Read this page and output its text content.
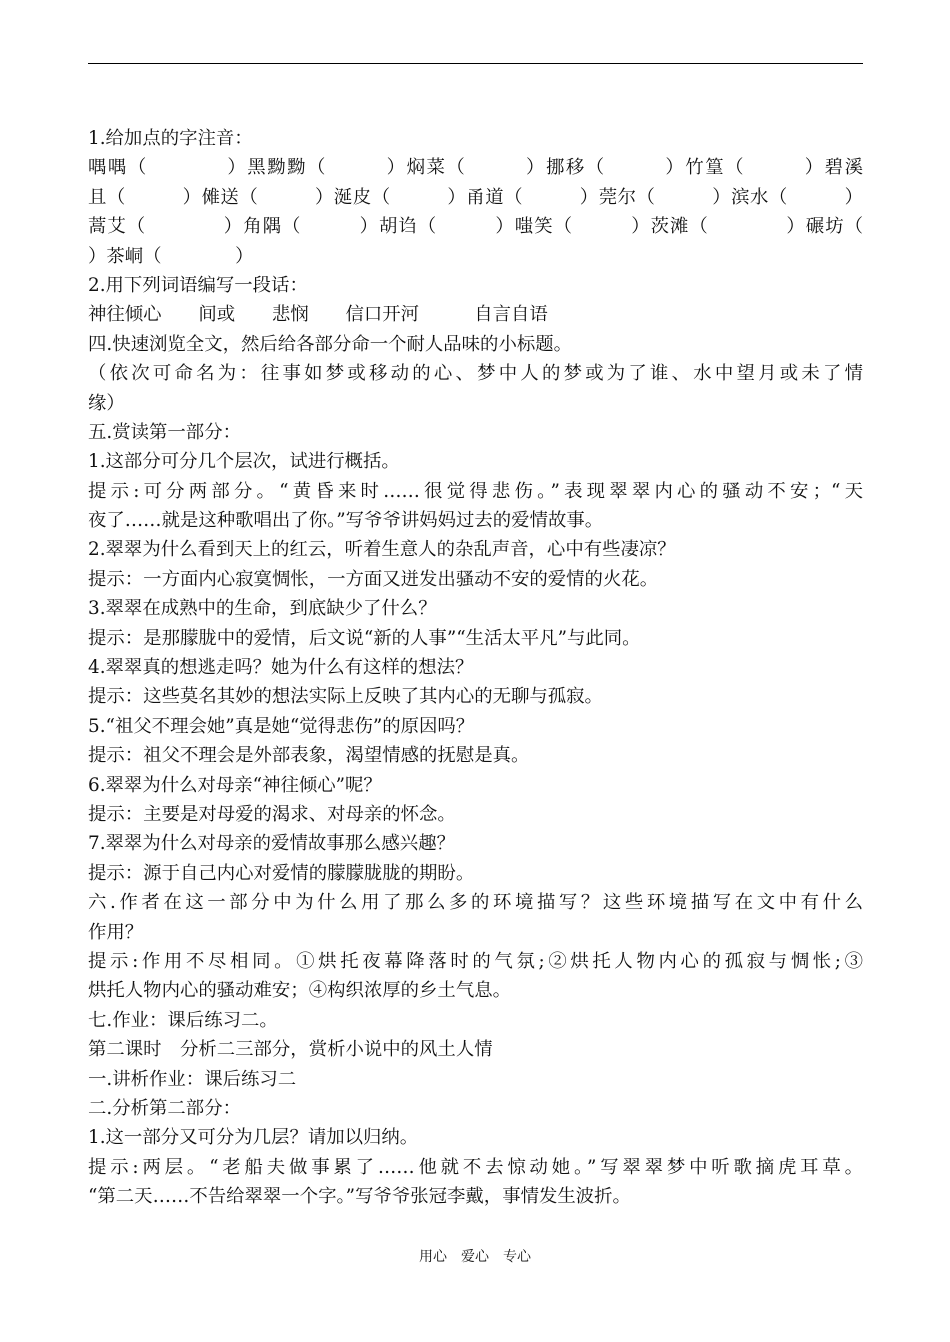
1.给加点的字注音：
喁喁（　　　　）黑黝黝（　　　）焖菜（　　　）挪移（　　　）竹篁（　　　）碧溪
且（　　　）傩送（　　　）涎皮（　　　）甬道（　　　）莞尔（　　　）滨水（　　　）
蒿艾（　　　　）角隅（　　　）胡诌（　　　）嗤笑（　　　）茨滩（　　　　）碾坊（
）茶峒（　　　　）
2.用下列词语编写一段话：
神往倾心　　间或　　悲悯　　信口开河　　　自言自语
四.快速浏览全文，然后给各部分命一个耐人品味的小标题。
（依次可命名为：往事如梦或移动的心、梦中人的梦或为了谁、水中望月或未了情
缘）
五.赏读第一部分：
1.这部分可分几个层次，试进行概括。
提示:可分两部分。“黄昏来时……很觉得悲伤。”表现翠翠内心的骚动不安；“天
夜了……就是这种歌唱出了你。”写爷爷讲妈妈过去的爱情故事。
2.翠翠为什么看到天上的红云，听着生意人的杂乱声音，心中有些凄凉？
提示：一方面内心寂寞惆怅，一方面又迸发出骚动不安的爱情的火花。
3.翠翠在成熟中的生命，到底缺少了什么？
提示：是那朦胧中的爱情，后文说“新的人事”“生活太平凡”与此同。
4.翠翠真的想逃走吗？她为什么有这样的想法？
提示：这些莫名其妙的想法实际上反映了其内心的无聊与孤寂。
5.“祖父不理会她”真是她“觉得悲伤”的原因吗？
提示：祖父不理会是外部表象，渴望情感的抚慰是真。
6.翠翠为什么对母亲“神往倾心”呢？
提示：主要是对母爱的渴求、对母亲的怀念。
7.翠翠为什么对母亲的爱情故事那么感兴趣？
提示：源于自己内心对爱情的朦朦胧胧的期盼。
六.作者在这一部分中为什么用了那么多的环境描写？这些环境描写在文中有什么
作用？
提示:作用不尽相同。①烘托夜幕降落时的气氛;②烘托人物内心的孤寂与惆怅;③
烘托人物内心的骚动难安；④构织浓厚的乡土气息。
七.作业：课后练习二。
第二课时　分析二三部分，赏析小说中的风土人情
一.讲析作业：课后练习二
二.分析第二部分：
1.这一部分又可分为几层？请加以归纳。
提示:两层。“老船夫做事累了……他就不去惊动她。”写翠翠梦中听歌摘虎耳草。
“第二天……不告给翠翠一个字。”写爷爷张冠李戴，事情发生波折。
用心　爱心　专心
